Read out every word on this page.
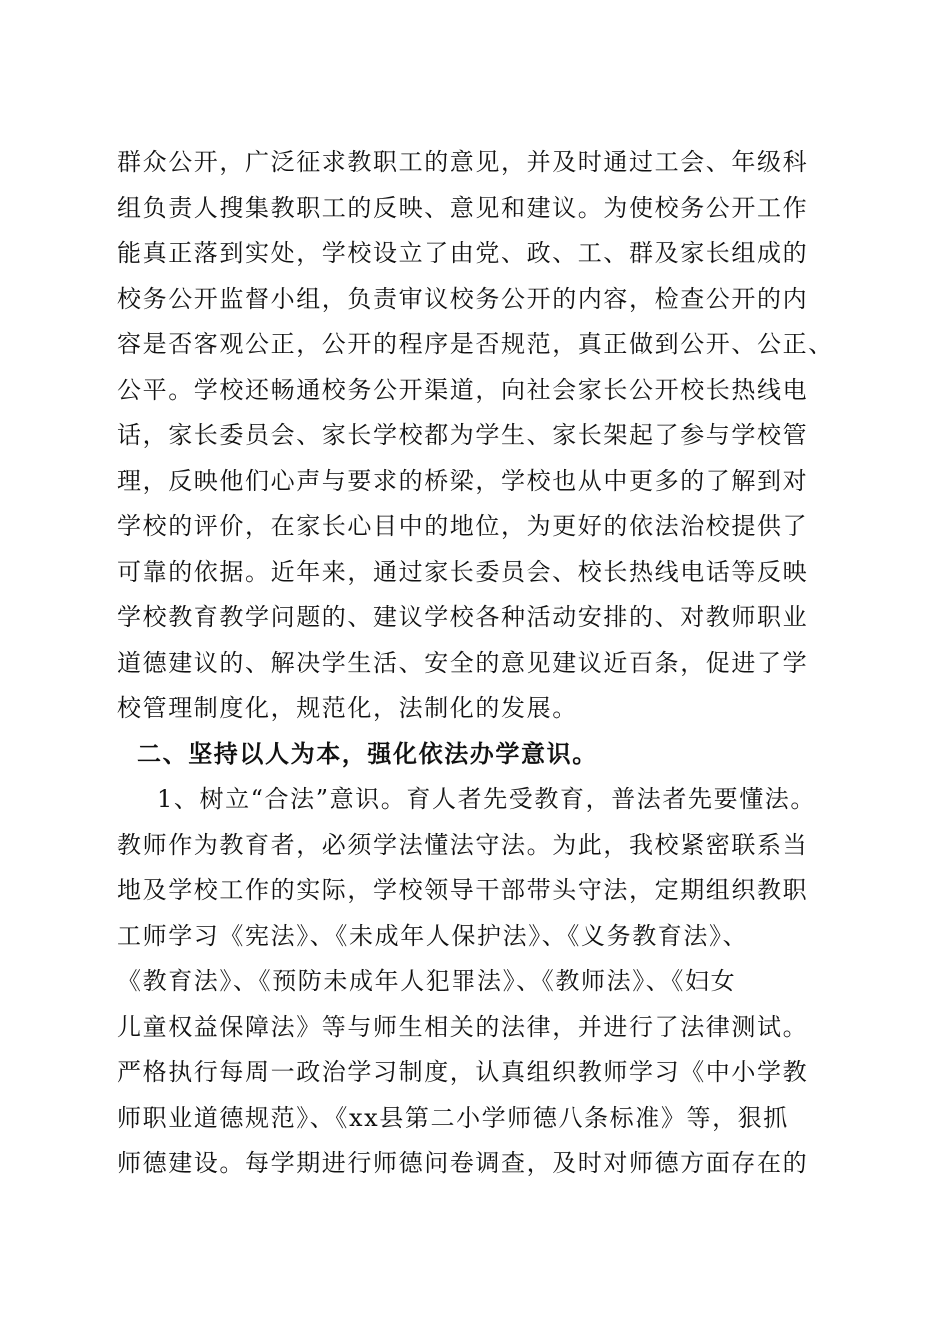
群众公开，广泛征求教职工的意见，并及时通过工会、年级科
组负责人搜集教职工的反映、意见和建议。为使校务公开工作
能真正落到实处，学校设立了由党、政、工、群及家长组成的
校务公开监督小组，负责审议校务公开的内容，检查公开的内
容是否客观公正，公开的程序是否规范，真正做到公开、公正、
公平。学校还畅通校务公开渠道，向社会家长公开校长热线电
话，家长委员会、家长学校都为学生、家长架起了参与学校管
理，反映他们心声与要求的桥梁，学校也从中更多的了解到对
学校的评价，在家长心目中的地位，为更好的依法治校提供了
可靠的依据。近年来，通过家长委员会、校长热线电话等反映
学校教育教学问题的、建议学校各种活动安排的、对教师职业
道德建议的、解决学生活、安全的意见建议近百条，促进了学
校管理制度化，规范化，法制化的发展。
二、坚持以人为本，强化依法办学意识。
1、树立“合法”意识。育人者先受教育，普法者先要懂法。
教师作为教育者，必须学法懂法守法。为此，我校紧密联系当
地及学校工作的实际，学校领导干部带头守法，定期组织教职
工师学习《宪法》、《未成年人保护法》、《义务教育法》、
《教育法》、《预防未成年人犯罪法》、《教师法》、《妇女
儿童权益保障法》等与师生相关的法律，并进行了法律测试。
严格执行每周一政治学习制度，认真组织教师学习《中小学教
师职业道德规范》、《xx县第二小学师德八条标准》等，狠抓
师德建设。每学期进行师德问卷调查，及时对师德方面存在的
